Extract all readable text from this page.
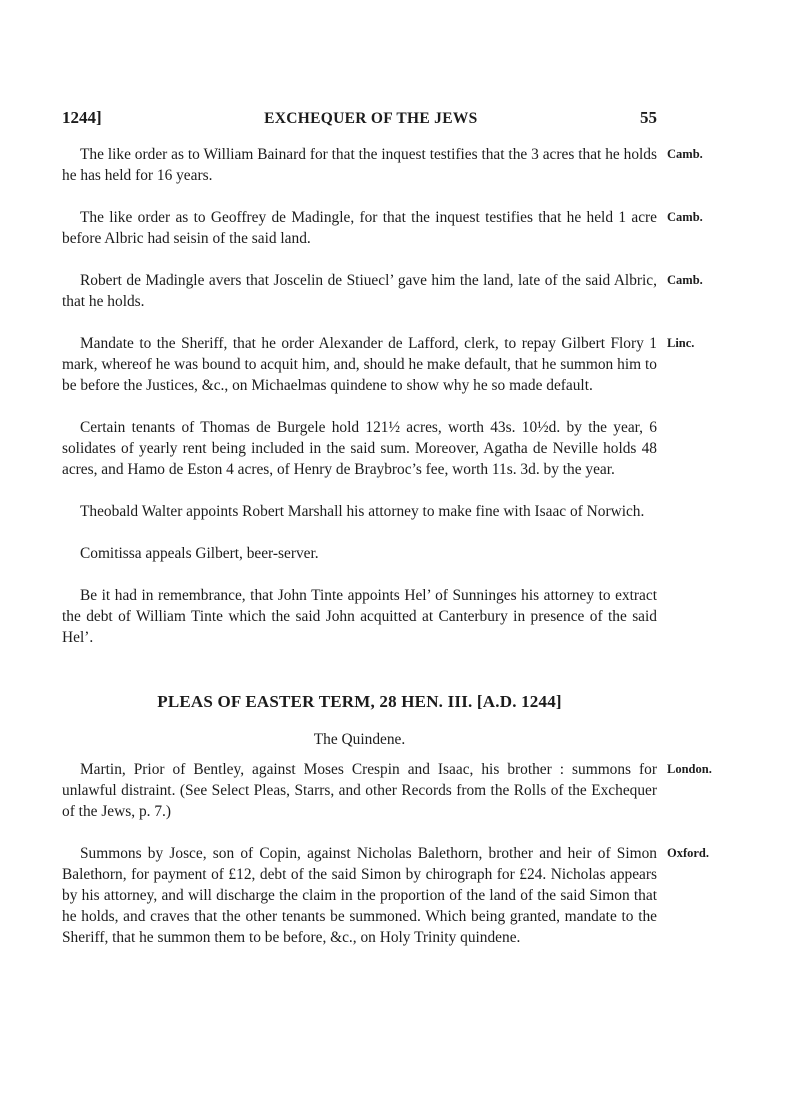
1244]	EXCHEQUER OF THE JEWS	55

The like order as to William Bainard for that the inquest testifies that the 3 acres that he holds he has held for 16 years.
Camb.

The like order as to Geoffrey de Madingle, for that the inquest testifies that he held 1 acre before Albric had seisin of the said land.
Camb.

Robert de Madingle avers that Joscelin de Stiuecl’ gave him the land, late of the said Albric, that he holds.
Camb.

Mandate to the Sheriff, that he order Alexander de Lafford, clerk, to repay Gilbert Flory 1 mark, whereof he was bound to acquit him, and, should he make default, that he summon him to be before the Justices, &c., on Michaelmas quindene to show why he so made default.
Linc.

Certain tenants of Thomas de Burgele hold 121½ acres, worth 43s. 10½d. by the year, 6 solidates of yearly rent being included in the said sum. Moreover, Agatha de Neville holds 48 acres, and Hamo de Eston 4 acres, of Henry de Braybroc’s fee, worth 11s. 3d. by the year.

Theobald Walter appoints Robert Marshall his attorney to make fine with Isaac of Norwich.

Comitissa appeals Gilbert, beer-server.

Be it had in remembrance, that John Tinte appoints Hel’ of Sunninges his attorney to extract the debt of William Tinte which the said John acquitted at Canterbury in presence of the said Hel’.

PLEAS OF EASTER TERM, 28 HEN. III. [A.D. 1244]

The Quindene.

Martin, Prior of Bentley, against Moses Crespin and Isaac, his brother : summons for unlawful distraint. (See Select Pleas, Starrs, and other Records from the Rolls of the Exchequer of the Jews, p. 7.)
London.

Summons by Josce, son of Copin, against Nicholas Balethorn, brother and heir of Simon Balethorn, for payment of £12, debt of the said Simon by chirograph for £24. Nicholas appears by his attorney, and will discharge the claim in the proportion of the land of the said Simon that he holds, and craves that the other tenants be summoned. Which being granted, mandate to the Sheriff, that he summon them to be before, &c., on Holy Trinity quindene.
Oxford.
